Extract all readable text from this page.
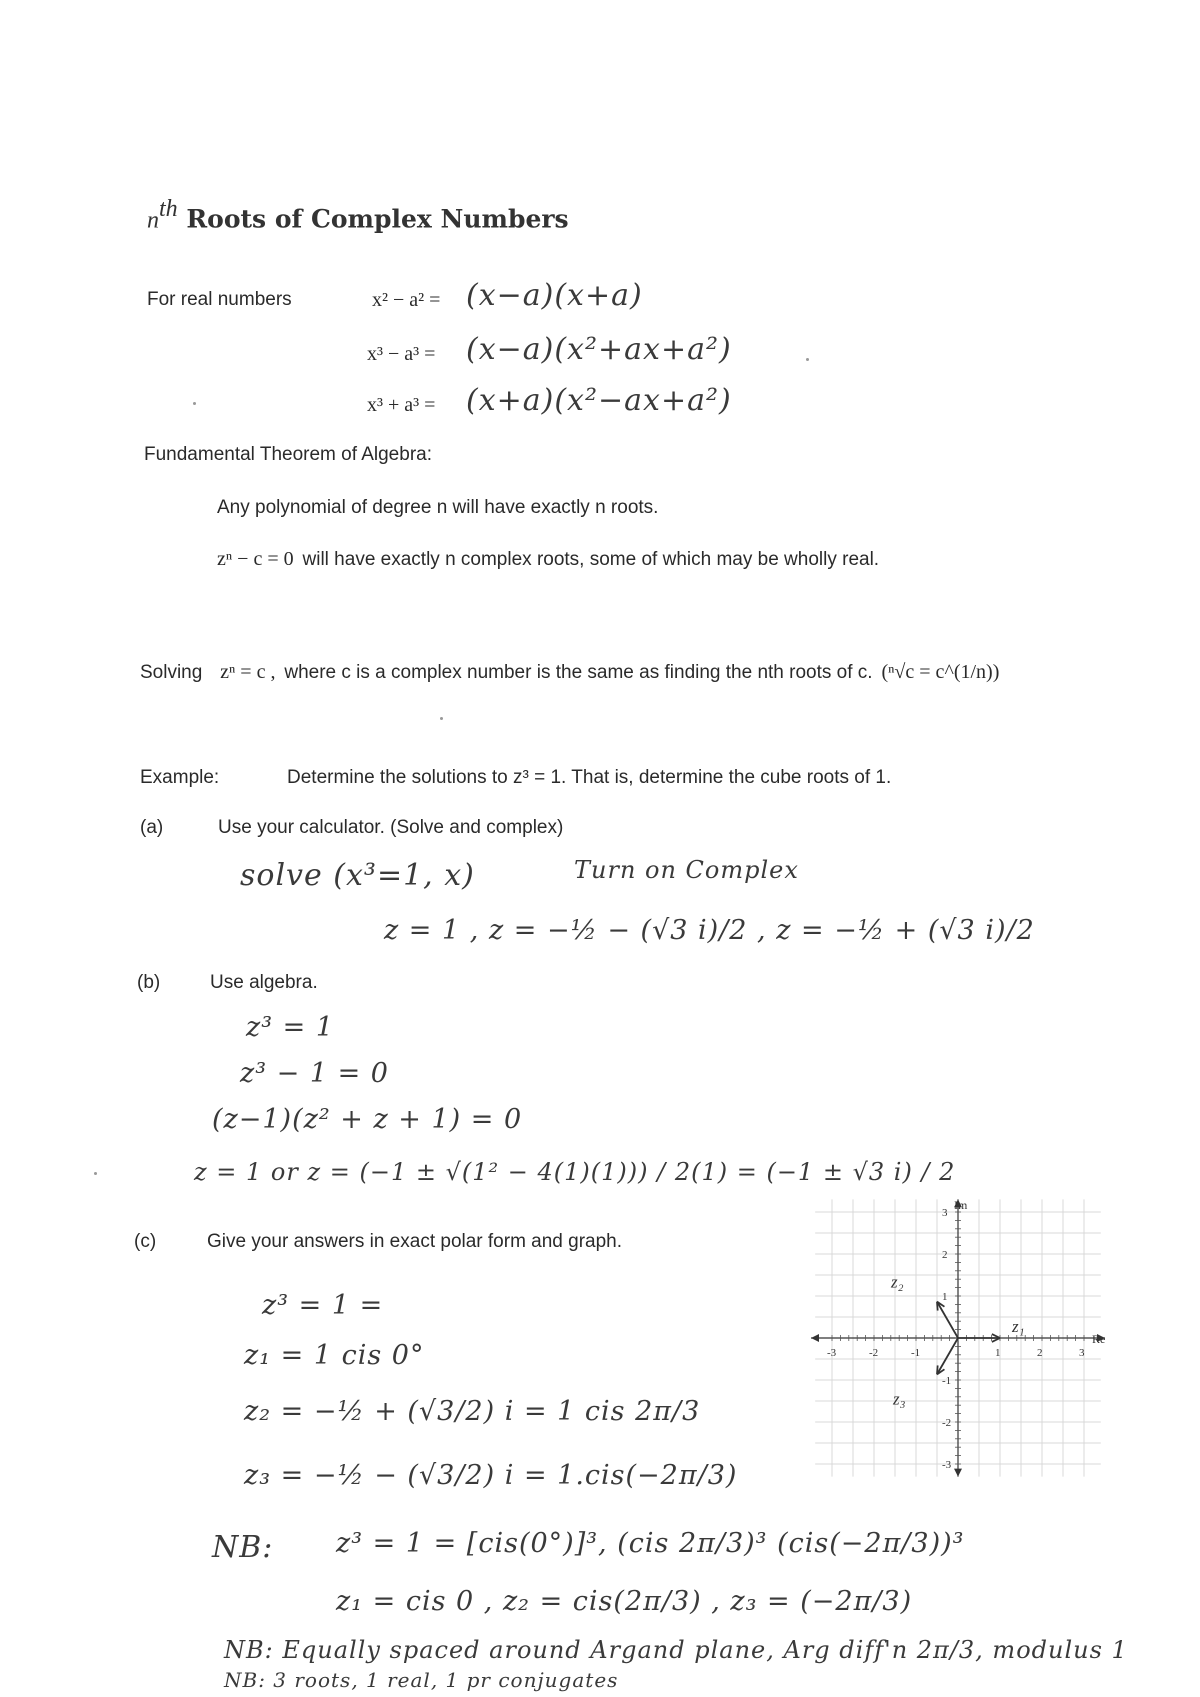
$n^{th}$ Roots of Complex Numbers
For real numbers	x² − a² = (x−a)(x+a)
x³ − a³ = (x−a)(x²+ax+a²)
x³ + a³ = (x+a)(x²−ax+a²)
Fundamental Theorem of Algebra:
Any polynomial of degree n will have exactly n roots.
zⁿ − c = 0 will have exactly n complex roots, some of which may be wholly real.
Solving zⁿ = c , where c is a complex number is the same as finding the nth roots of c. (ⁿ√c = c^(1/n))
Example:	Determine the solutions to z³ = 1. That is, determine the cube roots of 1.
(a)	Use your calculator. (Solve and complex)
solve (x³=1, x)	Turn on Complex
z = 1 , z = −½ − (√3 i)/2 , z = −½ + (√3 i)/2
(b)	Use algebra.
z³ = 1
z³ − 1 = 0
(z−1)(z² + z + 1) = 0
z = 1 or z = (−1 ± √(1² − 4(1)(1))) / 2(1) = (−1 ± √3 i) / 2
(c)	Give your answers in exact polar form and graph.
z³ = 1 =
z₁ = 1 cis 0°
z₂ = −½ + (√3/2) i = 1 cis 2π/3
z₃ = −½ − (√3/2) i = 1.cis(−2π/3)
NB: z³ = 1 = [cis(0°)]³, (cis 2π/3)³ (cis(−2π/3))³
z₁ = cis 0 , z₂ = cis(2π/3) , z₃ = (−2π/3)
NB: Equally spaced around Argand plane, Arg diff'n 2π/3, modulus 1
NB: 3 roots, 1 real, 1 pr conjugates
-3	-2	-1	1	2	3
3
2
1
-1
-2
-3
z₁
z₂
z₃
Im
Re
